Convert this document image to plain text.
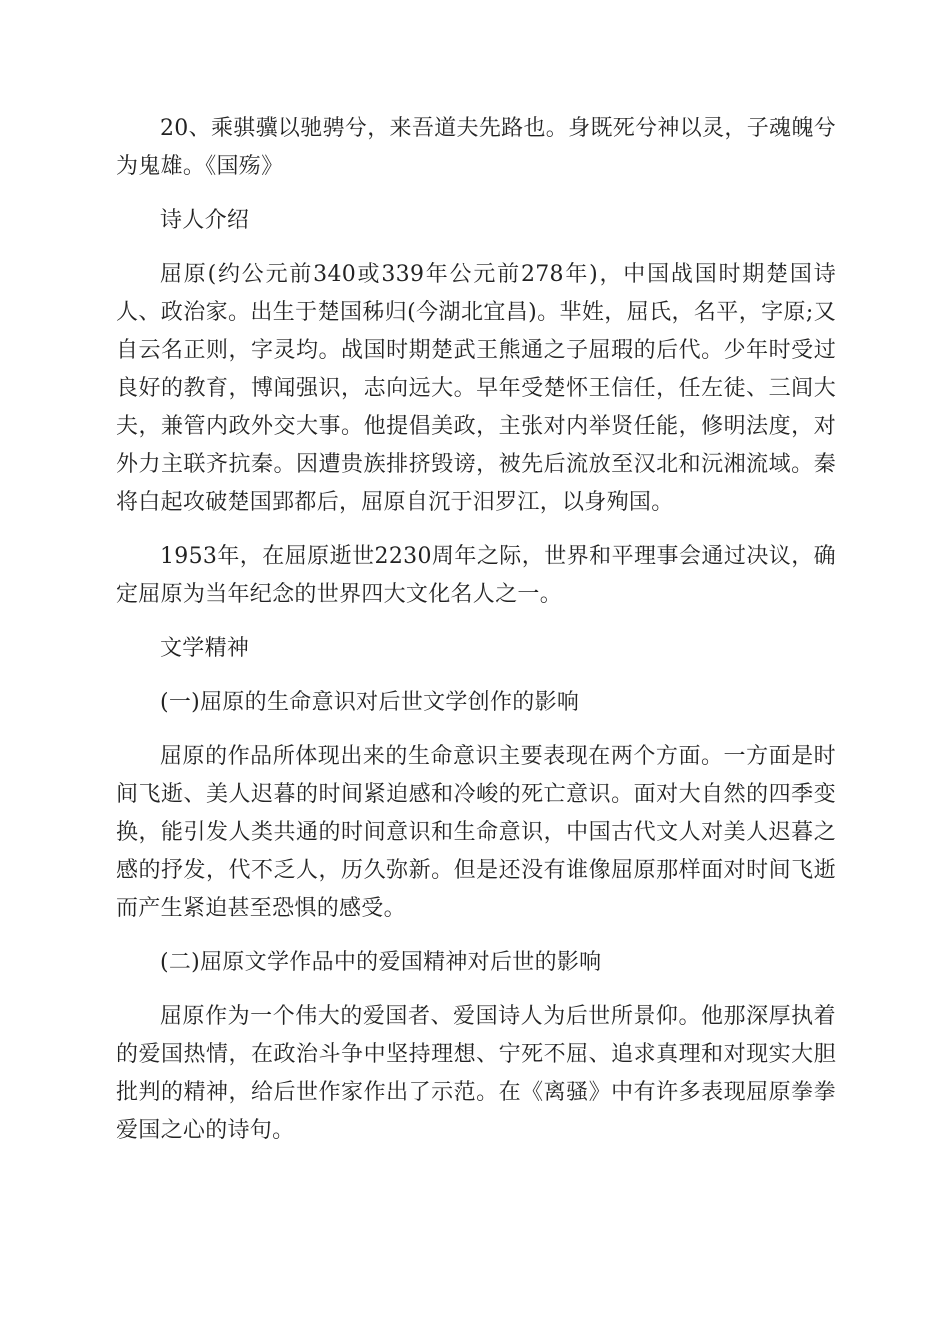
20、乘骐骥以驰骋兮，来吾道夫先路也。身既死兮神以灵，子魂魄兮为鬼雄。《国殇》

诗人介绍

屈原(约公元前340或339年公元前278年)，中国战国时期楚国诗人、政治家。出生于楚国秭归(今湖北宜昌)。芈姓，屈氏，名平，字原;又自云名正则，字灵均。战国时期楚武王熊通之子屈瑕的后代。少年时受过良好的教育，博闻强识，志向远大。早年受楚怀王信任，任左徒、三闾大夫，兼管内政外交大事。他提倡美政，主张对内举贤任能，修明法度，对外力主联齐抗秦。因遭贵族排挤毁谤，被先后流放至汉北和沅湘流域。秦将白起攻破楚国郢都后，屈原自沉于汨罗江，以身殉国。

1953年，在屈原逝世2230周年之际，世界和平理事会通过决议，确定屈原为当年纪念的世界四大文化名人之一。

文学精神

(一)屈原的生命意识对后世文学创作的影响

屈原的作品所体现出来的生命意识主要表现在两个方面。一方面是时间飞逝、美人迟暮的时间紧迫感和冷峻的死亡意识。面对大自然的四季变换，能引发人类共通的时间意识和生命意识，中国古代文人对美人迟暮之感的抒发，代不乏人，历久弥新。但是还没有谁像屈原那样面对时间飞逝而产生紧迫甚至恐惧的感受。

(二)屈原文学作品中的爱国精神对后世的影响

屈原作为一个伟大的爱国者、爱国诗人为后世所景仰。他那深厚执着的爱国热情，在政治斗争中坚持理想、宁死不屈、追求真理和对现实大胆批判的精神，给后世作家作出了示范。在《离骚》中有许多表现屈原拳拳爱国之心的诗句。
